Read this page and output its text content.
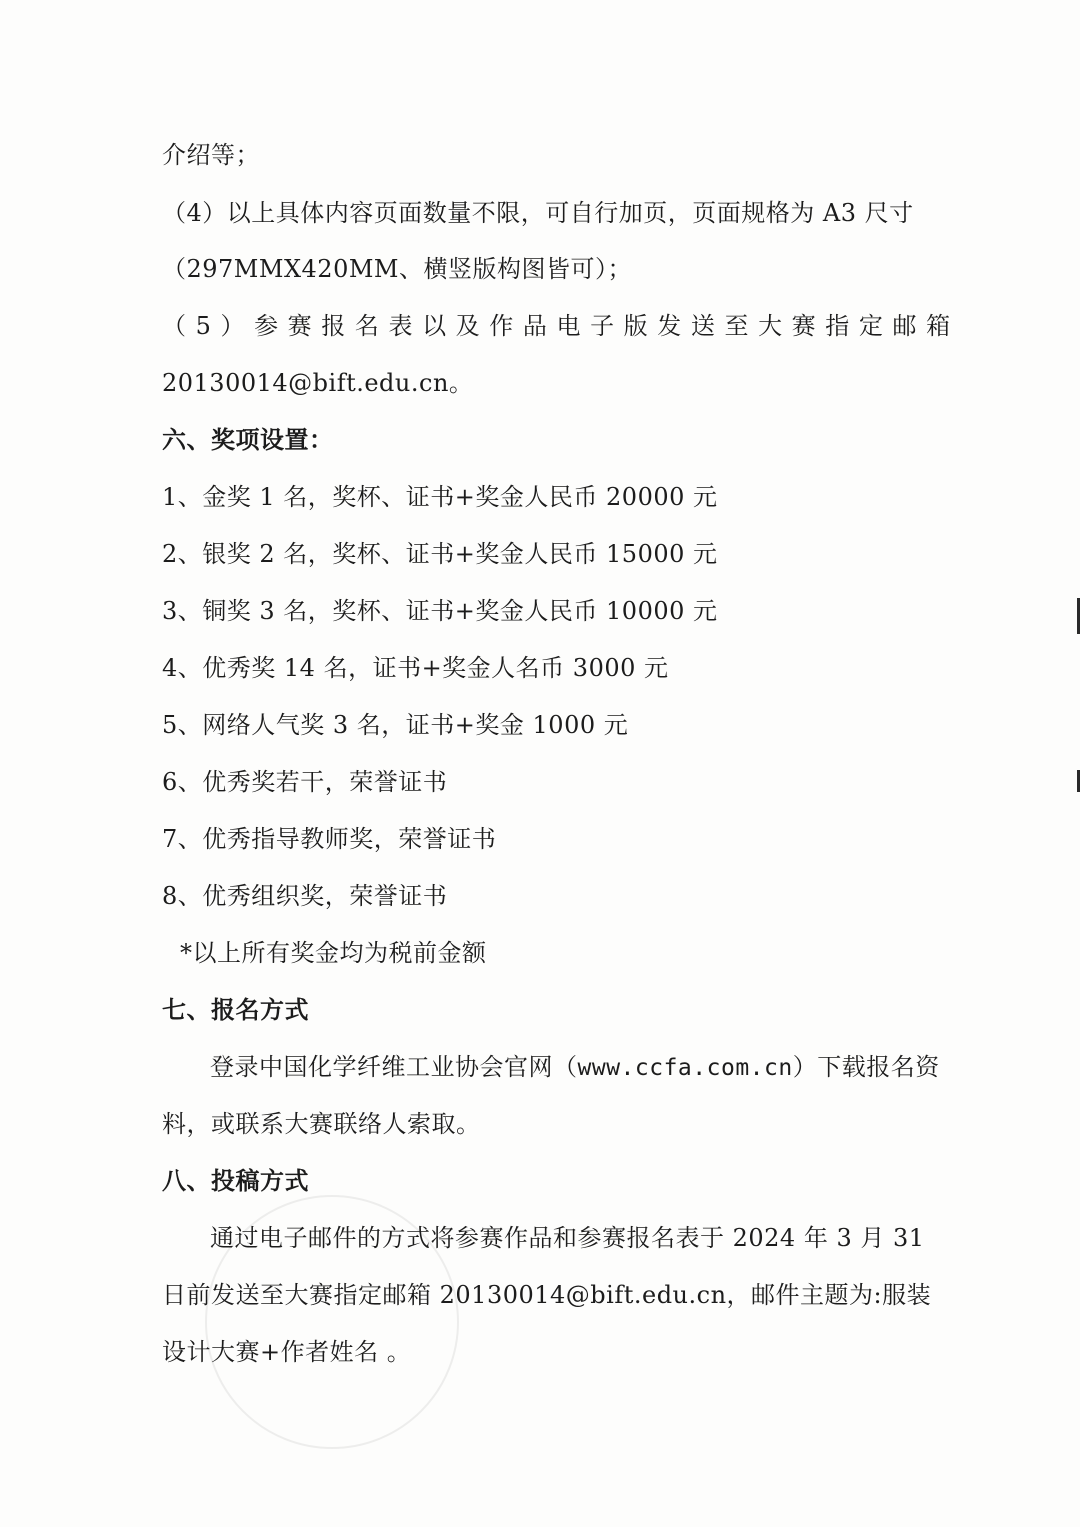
介绍等；
（4）以上具体内容页面数量不限，可自行加页，页面规格为 A3 尺寸
（297MMX420MM、横竖版构图皆可）；
（5）参赛报名表以及作品电子版发送至大赛指定邮箱
20130014@bift.edu.cn。
六、奖项设置：
1、金奖 1 名，奖杯、证书+奖金人民币 20000 元
2、银奖 2 名，奖杯、证书+奖金人民币 15000 元
3、铜奖 3 名，奖杯、证书+奖金人民币 10000 元
4、优秀奖 14 名，证书+奖金人名币 3000 元
5、网络人气奖 3 名，证书+奖金 1000 元
6、优秀奖若干，荣誉证书
7、优秀指导教师奖，荣誉证书
8、优秀组织奖，荣誉证书
*以上所有奖金均为税前金额
七、报名方式
登录中国化学纤维工业协会官网（www.ccfa.com.cn）下载报名资
料，或联系大赛联络人索取。
八、投稿方式
通过电子邮件的方式将参赛作品和参赛报名表于 2024 年 3 月 31
日前发送至大赛指定邮箱 20130014@bift.edu.cn，邮件主题为:服装
设计大赛+作者姓名 。
